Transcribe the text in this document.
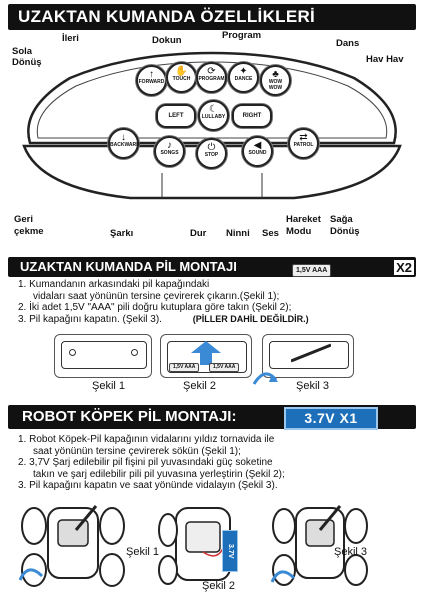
UZAKTAN KUMANDA ÖZELLİKLERİ
İleri
Sola
Dönüş
Dokun	Program
Dans
Hav Hav
↑
FORWARD
✋
TOUCH
⟳
PROGRAM
✦
DANCE	♣
WOW WOW
LEFT
☾
LULLABY	RIGHT
↓
BACKWARD	♪
SONGS	⏻
STOP
◀
SOUND
⇄
PATROL
Geri
çekme	Şarkı	Dur Ninni Ses
Hareket
Modu
Sağa
Dönüş
UZAKTAN KUMANDA PİL MONTAJI	1,5V AAA	X2

1. Kumandanın arkasındaki pil kapağındaki

vidaları saat yönünün tersine çevirerek çıkarın.(Şekil 1);

2. İki adet 1,5V "AAA" pili doğru kutuplara göre takın (Şekil 2);

3. Pil kapağını kapatın. (Şekil 3).	(PİLLER DAHİL DEĞİLDİR.)

1,5V AAA	1,5V AAA
Şekil 1	Şekil 2	Şekil 3
ROBOT KÖPEK PİL MONTAJI:	3.7V X1

1. Robot Köpek-Pil kapağının vidalarını yıldız tornavida ile

saat yönünün tersine çevirerek sökün (Şekil 1);

2. 3,7V Şarj edilebilir pil fişini pil yuvasındaki güç soketine

takın ve şarj edilebilir pili pil yuvasına yerleştirin (Şekil 2);

3. Pil kapağını kapatın ve saat yönünde vidalayın (Şekil 3).

Şekil 1	3.7V
Şekil 2
Şekil 3
